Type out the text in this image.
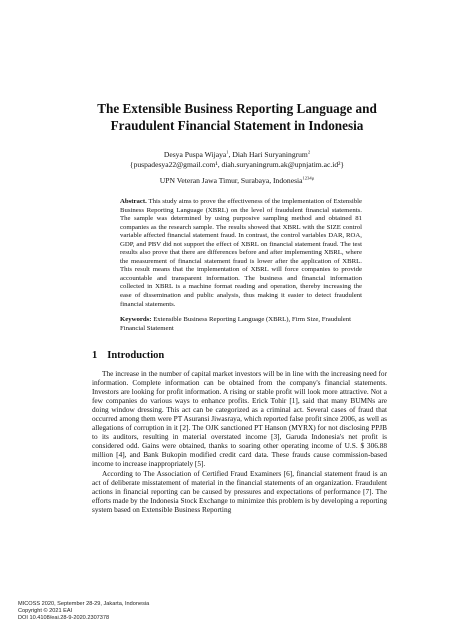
The Extensible Business Reporting Language and
Fraudulent Financial Statement in Indonesia
Desya Puspa Wijaya$^1$, Diah Hari Suryaningrum$^2$
{puspadesya22@gmail.com¹, diah.suryaningrum.ak@upnjatim.ac.id²}
UPN Veteran Jawa Timur, Surabaya, Indonesia$^{1234\mu}$
Abstract. This study aims to prove the effectiveness of the implementation of Extensible Business Reporting Language (XBRL) on the level of fraudulent financial statements. The sample was determined by using purposive sampling method and obtained 81 companies as the research sample. The results showed that XBRL with the SIZE control variable affected financial statement fraud. In contrast, the control variables DAR, ROA, GDP, and PBV did not support the effect of XBRL on financial statement fraud. The test results also prove that there are differences before and after implementing XBRL, where the measurement of financial statement fraud is lower after the application of XBRL. This result means that the implementation of XBRL will force companies to provide accountable and transparent information. The business and financial information collected in XBRL is a machine format reading and operation, thereby increasing the ease of dissemination and public analysis, thus making it easier to detect fraudulent financial statements.
Keywords: Extensible Business Reporting Language (XBRL), Firm Size, Fraudulent Financial Statement
1 Introduction

The increase in the number of capital market investors will be in line with the increasing need for information. Complete information can be obtained from the company's financial statements. Investors are looking for profit information. A rising or stable profit will look more attractive. Not a few companies do various ways to enhance profits. Erick Tohir [1], said that many BUMNs are doing window dressing. This act can be categorized as a criminal act. Several cases of fraud that occurred among them were PT Asuransi Jiwasraya, which reported false profit since 2006, as well as allegations of corruption in it [2]. The OJK sanctioned PT Hanson (MYRX) for not disclosing PPJB to its auditors, resulting in material overstated income [3], Garuda Indonesia's net profit is considered odd. Gains were obtained, thanks to soaring other operating income of U.S. $ 306.88 million [4], and Bank Bukopin modified credit card data. These frauds cause commission-based income to increase inappropriately [5].

According to The Association of Certified Fraud Examiners [6], financial statement fraud is an act of deliberate misstatement of material in the financial statements of an organization. Fraudulent actions in financial reporting can be caused by pressures and expectations of performance [7]. The efforts made by the Indonesia Stock Exchange to minimize this problem is by developing a reporting system based on Extensible Business Reporting

MICOSS 2020, September 28-29, Jakarta, Indonesia
Copyright © 2021 EAI
DOI 10.4108/eai.28-9-2020.2307378
